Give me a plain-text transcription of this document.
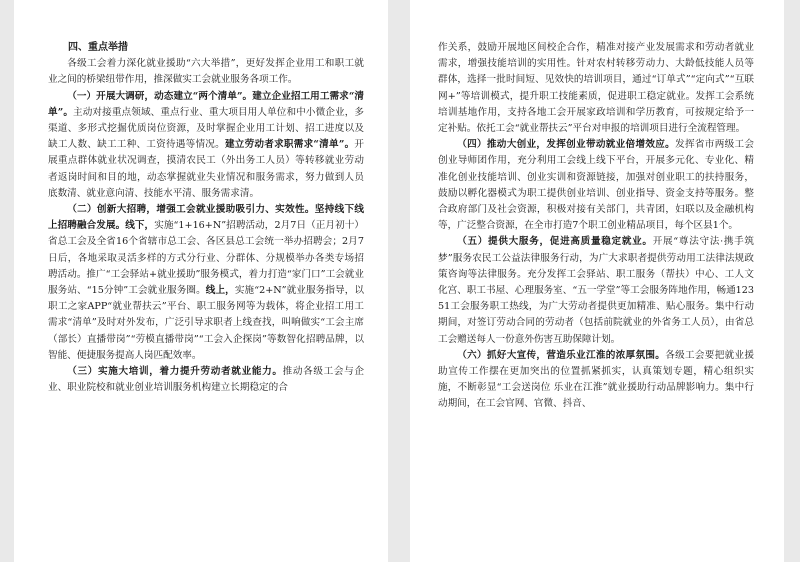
四、重点举措

各级工会着力深化就业援助“六大举措”，更好发挥企业用工和职工就业之间的桥梁纽带作用，推深做实工会就业服务各项工作。

（一）开展大调研，动态建立“两个清单”。建立企业招工用工需求“清单”。主动对接重点领域、重点行业、重大项目用人单位和中小微企业，多渠道、多形式挖掘优质岗位资源，及时掌握企业用工计划、招工进度以及缺工人数、缺工工种、工资待遇等情况。建立劳动者求职需求“清单”。开展重点群体就业状况调查，摸清农民工（外出务工人员）等转移就业劳动者返岗时间和目的地，动态掌握就业失业情况和服务需求，努力做到人员底数清、就业意向清、技能水平清、服务需求清。

（二）创新大招聘，增强工会就业援助吸引力、实效性。坚持线下线上招聘融合发展。线下，实施“1+16+N”招聘活动，2月7日（正月初十）省总工会及全省16个省辖市总工会、各区县总工会统一举办招聘会；2月7日后，各地采取灵活多样的方式分行业、分群体、分规模举办各类专场招聘活动。推广“工会驿站+就业援助”服务模式，着力打造“家门口”工会就业服务站、“15分钟”工会就业服务圈。线上，实施“2+N”就业服务指导，以职工之家APP“就业帮扶云”平台、职工服务网等为载体，将企业招工用工需求“清单”及时对外发布，广泛引导求职者上线查找，叫响做实“工会主席（部长）直播带岗”“劳模直播带岗”“工会入企探岗”等数智化招聘品牌，以智能、便捷服务提高人岗匹配效率。

（三）实施大培训，着力提升劳动者就业能力。推动各级工会与企业、职业院校和就业创业培训服务机构建立长期稳定的合

作关系，鼓励开展地区间校企合作，精准对接产业发展需求和劳动者就业需求，增强技能培训的实用性。针对农村转移劳动力、大龄低技能人员等群体，选择一批时间短、见效快的培训项目，通过“订单式”“定向式”“互联网+”等培训模式，提升职工技能素质，促进职工稳定就业。发挥工会系统培训基地作用，支持各地工会开展家政培训和学历教育，可按规定给予一定补贴。依托工会“就业帮扶云”平台对申报的培训项目进行全流程管理。

（四）推动大创业，发挥创业带动就业倍增效应。发挥省市两级工会创业导师团作用，充分利用工会线上线下平台，开展多元化、专业化、精准化创业技能培训、创业实训和资源链接，加强对创业职工的扶持服务，鼓励以孵化器模式为职工提供创业培训、创业指导、资金支持等服务。整合政府部门及社会资源，积极对接有关部门，共青团，妇联以及金融机构等，广泛整合资源，在全市打造7个职工创业精品项目，每个区县1个。

（五）提供大服务，促进高质量稳定就业。开展“尊法守法·携手筑梦”服务农民工公益法律服务行动，为广大求职者提供劳动用工法律法规政策咨询等法律服务。充分发挥工会驿站、职工服务（帮扶）中心、工人文化宫、职工书屋、心理服务室、“五一学堂”等工会服务阵地作用，畅通12351工会服务职工热线，为广大劳动者提供更加精准、贴心服务。集中行动期间，对签订劳动合同的劳动者（包括前院就业的外省务工人员），由省总工会赠送每人一份意外伤害互助保障计划。

（六）抓好大宣传，营造乐业江淮的浓厚氛围。各级工会要把就业援助宣传工作摆在更加突出的位置抓紧抓实，认真策划专题，精心组织实施，不断彰显“工会送岗位 乐业在江淮”就业援助行动品牌影响力。集中行动期间，在工会官网、官微、抖音、
